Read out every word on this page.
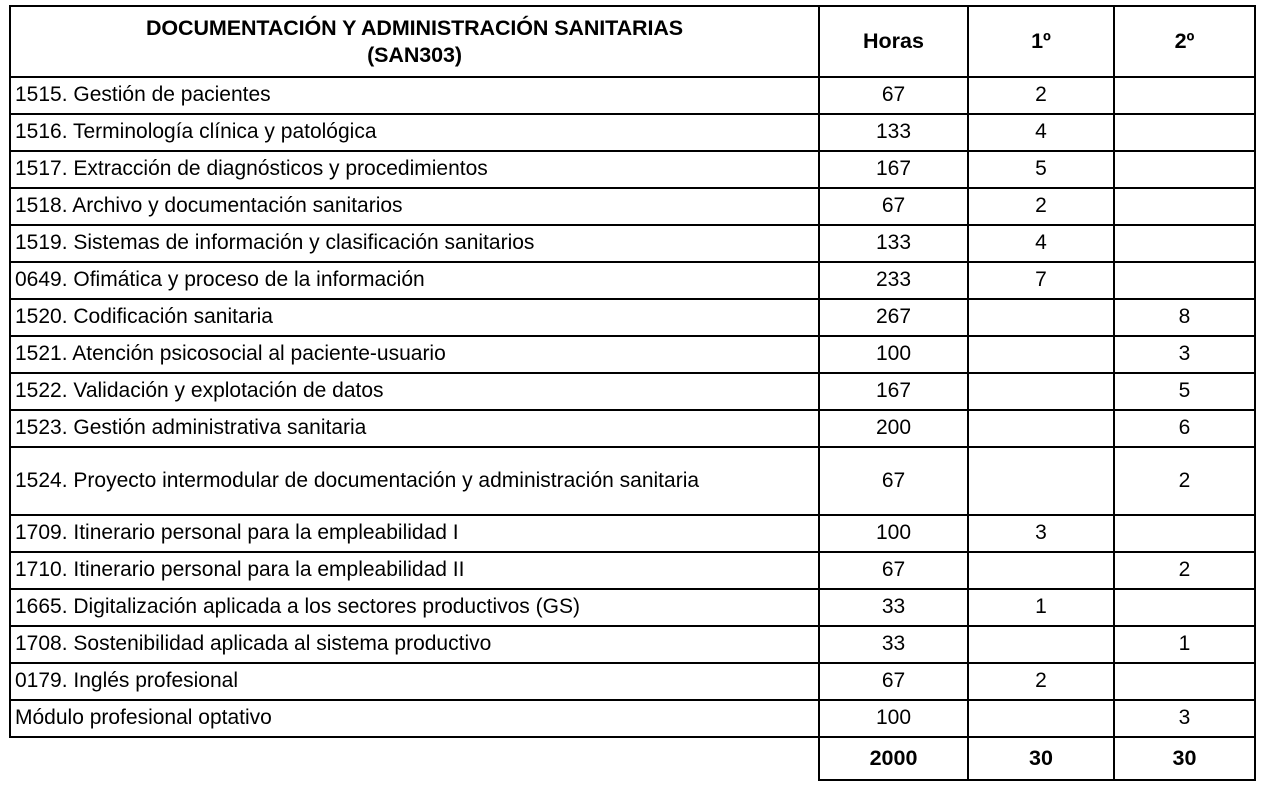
DOCUMENTACIÓN Y ADMINISTRACIÓN SANITARIAS
(SAN303)	Horas	1º	2º
1515. Gestión de pacientes	67	2	
1516. Terminología clínica y patológica	133	4	
1517. Extracción de diagnósticos y procedimientos	167	5	
1518. Archivo y documentación sanitarios	67	2	
1519. Sistemas de información y clasificación sanitarios	133	4	
0649. Ofimática y proceso de la información	233	7	
1520. Codificación sanitaria	267		8
1521. Atención psicosocial al paciente-usuario	100		3
1522. Validación y explotación de datos	167		5
1523. Gestión administrativa sanitaria	200		6
1524. Proyecto intermodular de documentación y administración sanitaria	67		2
1709. Itinerario personal para la empleabilidad I	100	3	
1710. Itinerario personal para la empleabilidad II	67		2
1665. Digitalización aplicada a los sectores productivos (GS)	33	1	
1708. Sostenibilidad aplicada al sistema productivo	33		1
0179. Inglés profesional	67	2	
Módulo profesional optativo	100		3
	2000	30	30
